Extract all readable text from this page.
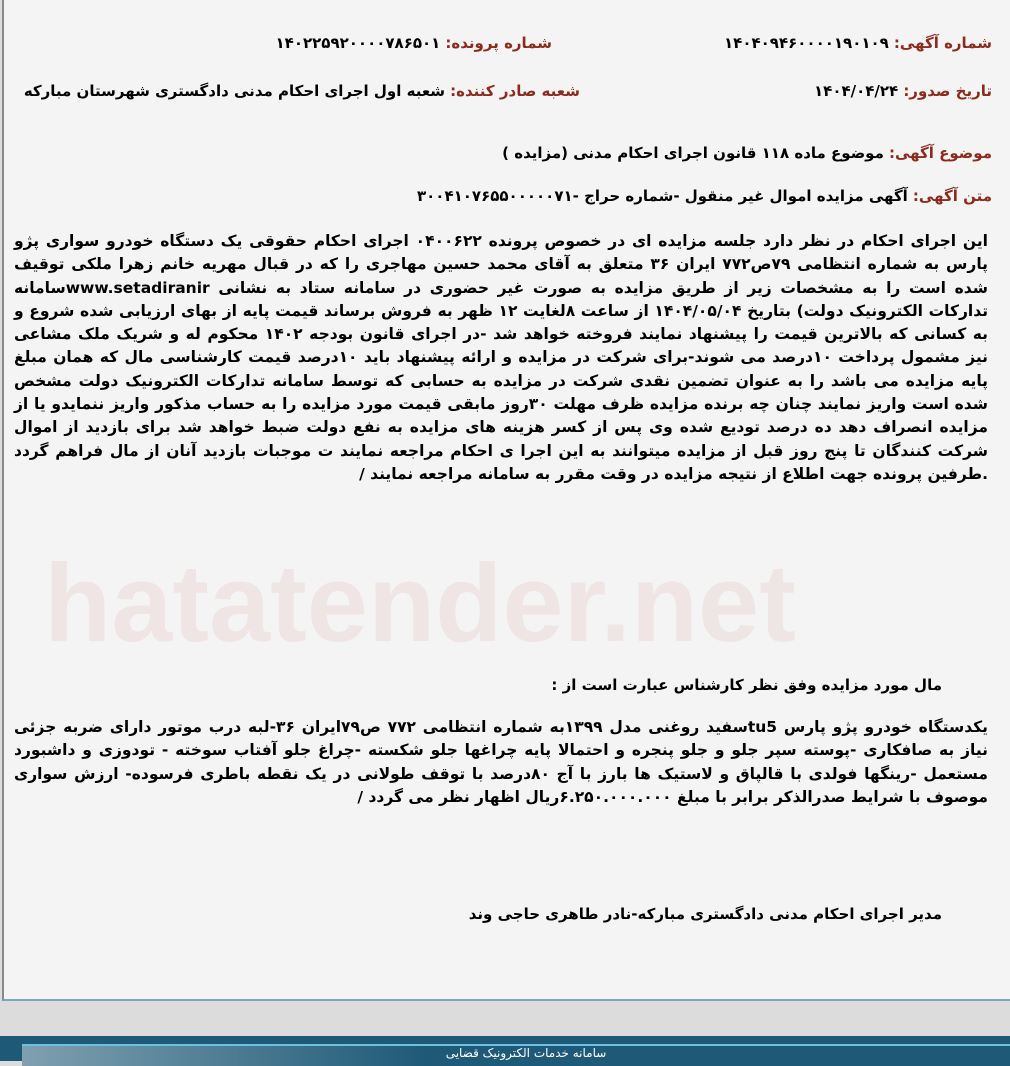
hatatender.net
شماره آگهی: ۱۴۰۴۰۹۴۶۰۰۰۰۱۹۰۱۰۹
شماره پرونده: ۱۴۰۲۲۵۹۲۰۰۰۰۷۸۶۵۰۱
تاریخ صدور: ۱۴۰۴/۰۴/۲۴
شعبه صادر کننده: شعبه اول اجرای احکام مدنی دادگستری شهرستان مبارکه
موضوع آگهی: موضوع ماده ۱۱۸ قانون اجرای احکام مدنی (مزایده )
متن آگهی: آگهی مزایده اموال غیر منقول -شماره حراج -۳۰۰۴۱۰۷۶۵۵۰۰۰۰۰۷۱
این اجرای احکام در نظر دارد جلسه مزایده ای در خصوص پرونده ۰۴۰۰۶۲۲ اجرای احکام حقوقی یک دستگاه خودرو سواری پژو پارس به شماره انتظامی ۷۹ص۷۷۲ ایران ۳۶ متعلق به آقای محمد حسین مهاجری را که در قبال مهریه خانم زهرا ملکی توقیف شده است را به مشخصات زیر از طریق مزایده به صورت غیر حضوری در سامانه ستاد به نشانی www.setadiranirسامانه تدارکات الکترونیک دولت) بتاریخ ۱۴۰۴/۰۵/۰۴ از ساعت ۸لغایت ۱۲ ظهر به فروش برساند قیمت پایه از بهای ارزیابی شده شروع و به کسانی که بالاترین قیمت را پیشنهاد نمایند فروخته خواهد شد -در اجرای قانون بودجه ۱۴۰۲ محکوم له و شریک ملک مشاعی نیز مشمول پرداخت ۱۰درصد می شوند-برای شرکت در مزایده و ارائه پیشنهاد باید ۱۰درصد قیمت کارشناسی مال که همان مبلغ پایه مزایده می باشد را به عنوان تضمین نقدی شرکت در مزایده به حسابی که توسط سامانه تدارکات الکترونیک دولت مشخص شده است واریز نمایند چنان چه برنده مزایده ظرف مهلت ۳۰روز مابقی قیمت مورد مزایده را به حساب مذکور واریز ننمایدو یا از مزایده انصراف دهد ده درصد تودیع شده وی پس از کسر هزینه های مزایده به نفع دولت ضبط خواهد شد برای بازدید از اموال شرکت کنندگان تا پنج روز قبل از مزایده میتوانند به این اجرا ی احکام مراجعه نمایند ت موجبات بازدید آنان از مال فراهم گردد .طرفین پرونده جهت اطلاع از نتیجه مزایده در وقت مقرر به سامانه مراجعه نمایند /
مال مورد مزایده وفق نظر کارشناس عبارت است از :
یکدستگاه خودرو پژو پارس tu5سفید روغنی مدل ۱۳۹۹به شماره انتظامی ۷۷۲ ص۷۹ایران ۳۶-لبه درب موتور دارای ضربه جزئی نیاز به صافکاری -پوسته سپر جلو و جلو پنجره و احتمالا پایه چراغها جلو شکسته -چراغ جلو آفتاب سوخته - تودوزی و داشبورد مستعمل -رینگها فولدی با قالپاق و لاستیک ها بارز با آج ۸۰درصد با توقف طولانی در یک نقطه باطری فرسوده- ارزش سواری موصوف با شرایط صدرالذکر برابر با مبلغ ۶.۲۵۰.۰۰۰.۰۰۰ریال اظهار نظر می گردد /
مدیر اجرای احکام مدنی دادگستری مبارکه-نادر طاهری حاجی وند
سامانه خدمات الکترونیک قضایی
